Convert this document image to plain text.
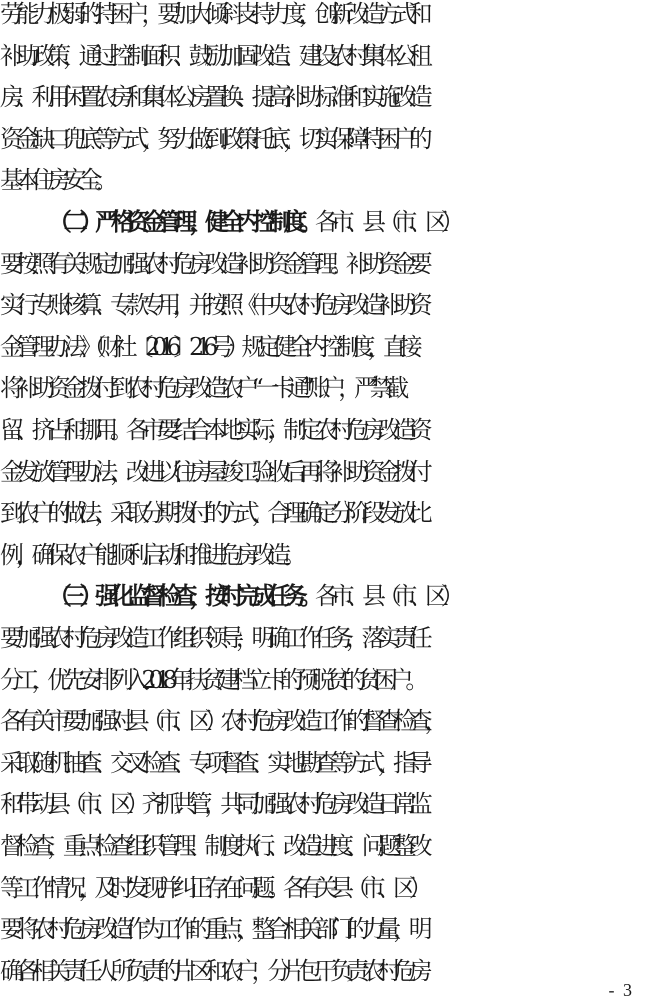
劳能力极弱的特困户，要加大倾斜支持力度，创新改造方式和
补助政策，通过控制面积、鼓励加固改造、建设农村集体公租
房、利用闲置农房和集体公房置换、提高补助标准和实施改造
资金缺口兜底等方式，努力做到政策托底，切实保障特困户的
基本住房安全。
（二）严格资金管理，健全内控制度。各市、县（市、区）
要按照有关规定加强农村危房改造补助资金管理。补助资金要
实行专账核算、专款专用，并按照《中央农村危房改造补助资
金管理办法》（财社〔2016〕216号）规定健全内控制度，直接
将补助资金拨付到农村危房改造农户“一卡通”账户，严禁截
留、挤占和挪用。各市要结合本地实际，制定农村危房改造资
金发放管理办法，改进以往房屋竣工验收后再将补助资金拨付
到农户的做法，采取分期拨付的方式，合理确定分阶段发放比
例，确保农户能顺利启动和推进危房改造。
（三）强化监督检查，按时完成任务。各市、县（市、区）
要加强农村危房改造工作组织领导，明确工作任务，落实责任
分工，优先安排列入2018年扶贫建档立卡的预脱贫的贫困户。
各有关市要加强对县（市、区）农村危房改造工作的督查检查，
采取随机抽查、交叉检查、专项督查、实地勘查等方式，指导
和带动县（市、区）齐抓共管，共同加强农村危房改造日常监
督检查，重点检查组织管理、制度执行、改造进度、问题整改
等工作情况，及时发现并纠正存在问题。各有关县（市、区）
要将农村危房改造作为工作的重点，整合相关部门的力量，明
确各相关责任人所负责的片区和农户，分片包干负责农村危房
- 3
